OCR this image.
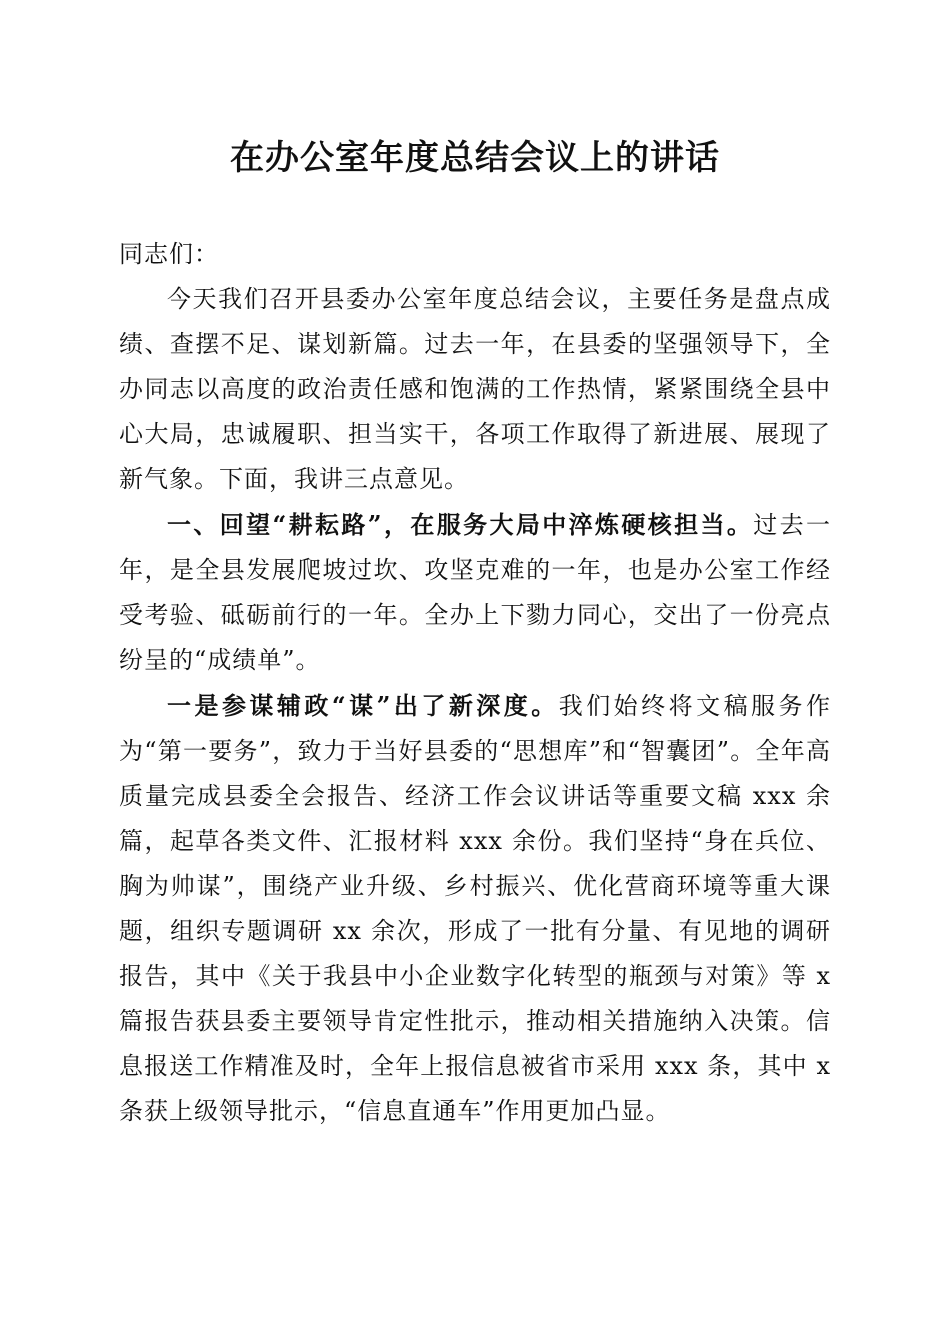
在办公室年度总结会议上的讲话

同志们：

今天我们召开县委办公室年度总结会议，主要任务是盘点成绩、查摆不足、谋划新篇。过去一年，在县委的坚强领导下，全办同志以高度的政治责任感和饱满的工作热情，紧紧围绕全县中心大局，忠诚履职、担当实干，各项工作取得了新进展、展现了新气象。下面，我讲三点意见。

一、回望“耕耘路”，在服务大局中淬炼硬核担当。过去一年，是全县发展爬坡过坎、攻坚克难的一年，也是办公室工作经受考验、砥砺前行的一年。全办上下勠力同心，交出了一份亮点纷呈的“成绩单”。

一是参谋辅政“谋”出了新深度。我们始终将文稿服务作为“第一要务”，致力于当好县委的“思想库”和“智囊团”。全年高质量完成县委全会报告、经济工作会议讲话等重要文稿 xxx 余篇，起草各类文件、汇报材料 xxx 余份。我们坚持“身在兵位、胸为帅谋”，围绕产业升级、乡村振兴、优化营商环境等重大课题，组织专题调研 xx 余次，形成了一批有分量、有见地的调研报告，其中《关于我县中小企业数字化转型的瓶颈与对策》等 x 篇报告获县委主要领导肯定性批示，推动相关措施纳入决策。信息报送工作精准及时，全年上报信息被省市采用 xxx 条，其中 x 条获上级领导批示，“信息直通车”作用更加凸显。
